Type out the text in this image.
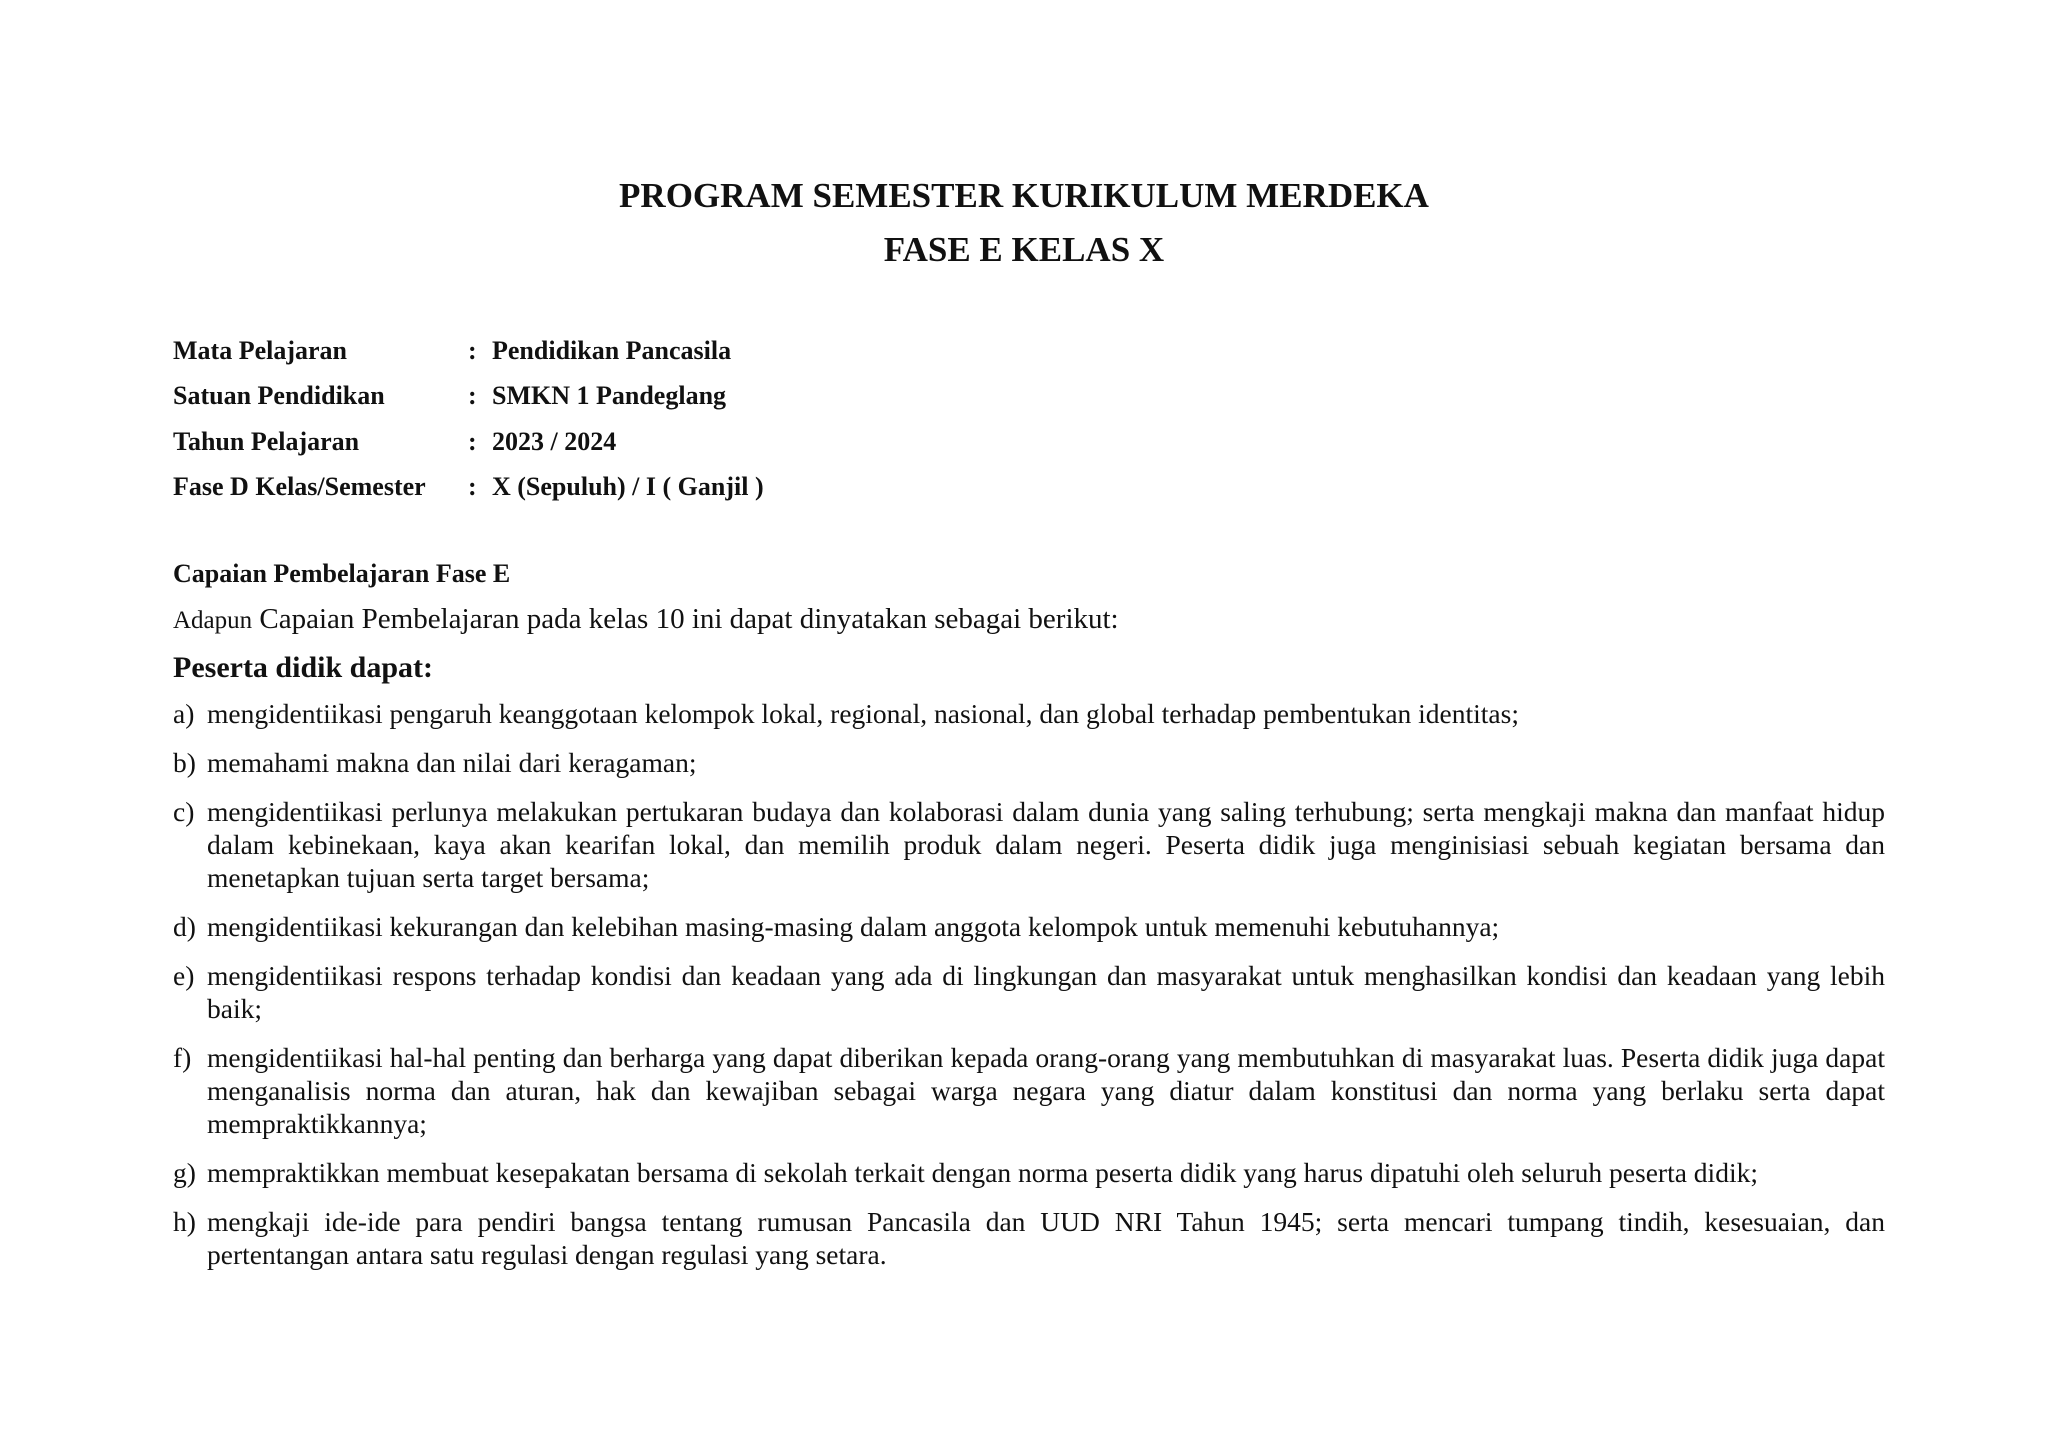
PROGRAM SEMESTER KURIKULUM MERDEKA
FASE E KELAS X
Mata Pelajaran	: Pendidikan Pancasila
Satuan Pendidikan	: SMKN 1 Pandeglang
Tahun Pelajaran	: 2023 / 2024
Fase D Kelas/Semester	: X (Sepuluh) / I ( Ganjil )
Capaian Pembelajaran Fase E
Adapun Capaian Pembelajaran pada kelas 10 ini dapat dinyatakan sebagai berikut:
Peserta didik dapat:
a) mengidentiikasi pengaruh keanggotaan kelompok lokal, regional, nasional, dan global terhadap pembentukan identitas;
b) memahami makna dan nilai dari keragaman;
c) mengidentiikasi perlunya melakukan pertukaran budaya dan kolaborasi dalam dunia yang saling terhubung; serta mengkaji makna dan manfaat hidup dalam kebinekaan, kaya akan kearifan lokal, dan memilih produk dalam negeri. Peserta didik juga menginisiasi sebuah kegiatan bersama dan menetapkan tujuan serta target bersama;
d) mengidentiikasi kekurangan dan kelebihan masing-masing dalam anggota kelompok untuk memenuhi kebutuhannya;
e) mengidentiikasi respons terhadap kondisi dan keadaan yang ada di lingkungan dan masyarakat untuk menghasilkan kondisi dan keadaan yang lebih baik;
f) mengidentiikasi hal-hal penting dan berharga yang dapat diberikan kepada orang-orang yang membutuhkan di masyarakat luas. Peserta didik juga dapat menganalisis norma dan aturan, hak dan kewajiban sebagai warga negara yang diatur dalam konstitusi dan norma yang berlaku serta dapat mempraktikkannya;
g) mempraktikkan membuat kesepakatan bersama di sekolah terkait dengan norma peserta didik yang harus dipatuhi oleh seluruh peserta didik;
h) mengkaji ide-ide para pendiri bangsa tentang rumusan Pancasila dan UUD NRI Tahun 1945; serta mencari tumpang tindih, kesesuaian, dan pertentangan antara satu regulasi dengan regulasi yang setara.
